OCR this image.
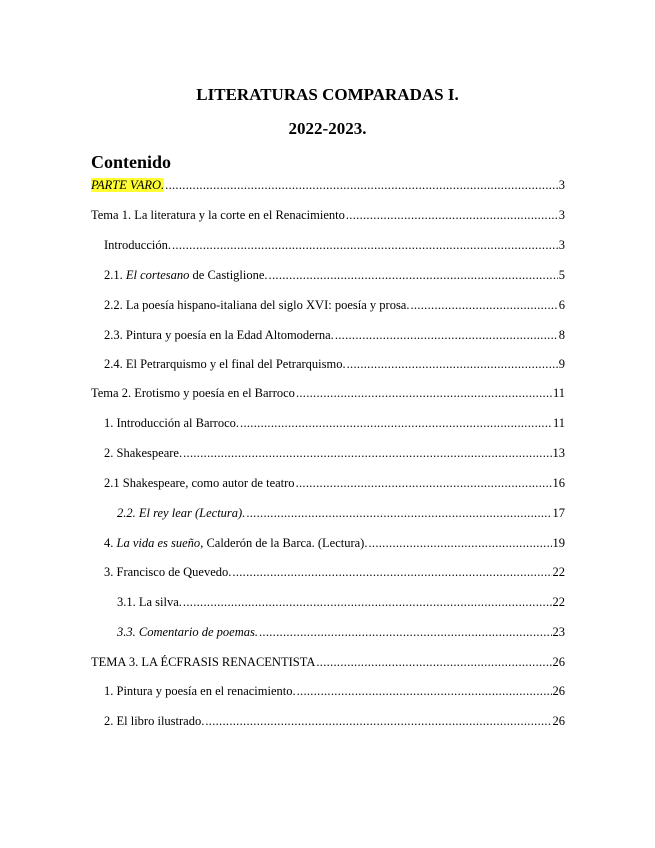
LITERATURAS COMPARADAS I.
2022-2023.
Contenido
PARTE VARO. .....	3
Tema 1. La literatura y la corte en el Renacimiento .....	3
Introducción. .....	3
2.1. El cortesano de Castiglione. .....	5
2.2. La poesía hispano-italiana del siglo XVI: poesía y prosa. .....	6
2.3. Pintura y poesía en la Edad Altomoderna. .....	8
2.4. El Petrarquismo y el final del Petrarquismo. .....	9
Tema 2. Erotismo y poesía en el Barroco .....	11
1. Introducción al Barroco. .....	11
2. Shakespeare. .....	13
2.1 Shakespeare, como autor de teatro .....	16
2.2. El rey lear (Lectura). .....	17
4. La vida es sueño, Calderón de la Barca. (Lectura). .....	19
3. Francisco de Quevedo. .....	22
3.1. La silva. .....	22
3.3. Comentario de poemas. .....	23
TEMA 3. LA ÉCFRASIS RENACENTISTA .....	26
1. Pintura y poesía en el renacimiento. .....	26
2. El libro ilustrado. .....	26
